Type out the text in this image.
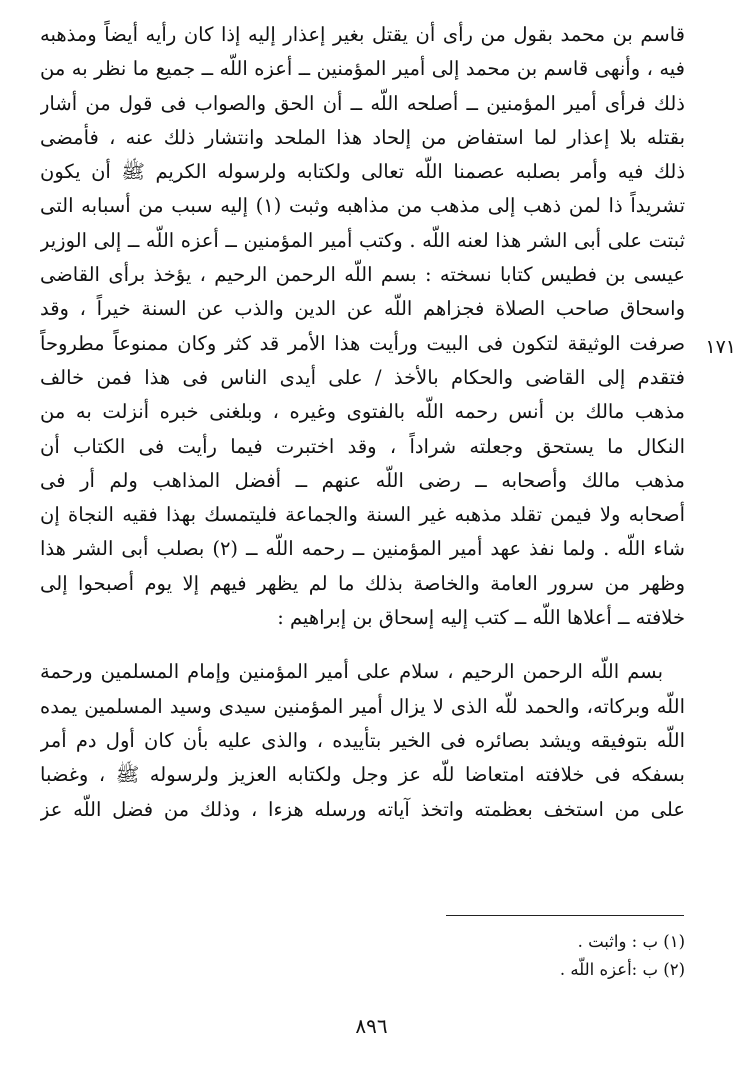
قاسم بن محمد بقول من رأى أن يقتل بغير إعذار إليه إذا كان رأيه أيضاً ومذهبه
فيه ، وأنهى قاسم بن محمد إلى أمير المؤمنين ــ أعزه اللّه ــ جميع ما نظر به من
ذلك فرأى أمير المؤمنين ــ أصلحه اللّه ــ أن الحق والصواب فى قول من أشار
بقتله بلا إعذار لما استفاض من إلحاد هذا الملحد وانتشار ذلك عنه ، فأمضى
ذلك فيه وأمر بصلبه عصمنا اللّه تعالى ولكتابه ولرسوله الكريم ﷺ أن يكون
تشريداً ذا لمن ذهب إلى مذهب من مذاهبه وثبت (١) إليه سبب من أسبابه التى
ثبتت على أبى الشر هذا لعنه اللّه . وكتب أمير المؤمنين ــ أعزه اللّه ــ إلى الوزير
عيسى بن فطيس كتابا نسخته : بسم اللّه الرحمن الرحيم ، يؤخذ برأى القاضى
واسحاق صاحب الصلاة فجزاهم اللّه عن الدين والذب عن السنة خيراً ، وقد
صرفت الوثيقة لتكون فى البيت ورأيت هذا الأمر قد كثر وكان ممنوعاً مطروحاً
فتقدم إلى القاضى والحكام بالأخذ / على أيدى الناس فى هذا فمن خالف
مذهب مالك بن أنس رحمه اللّه بالفتوى وغيره ، وبلغنى خبره أنزلت به من
النكال ما يستحق وجعلته شراداً ، وقد اختبرت فيما رأيت فى الكتاب أن
مذهب مالك وأصحابه ــ رضى اللّه عنهم ــ أفضل المذاهب ولم أر فى
أصحابه ولا فيمن تقلد مذهبه غير السنة والجماعة فليتمسك بهذا فقيه النجاة إن
شاء اللّه . ولما نفذ عهد أمير المؤمنين ــ رحمه اللّه ــ (٢) بصلب أبى الشر هذا
وظهر من سرور العامة والخاصة بذلك ما لم يظهر فيهم إلا يوم أصبحوا إلى
خلافته ــ أعلاها اللّه ــ كتب إليه إسحاق بن إبراهيم :

بسم اللّه الرحمن الرحيم ، سلام على أمير المؤمنين وإمام المسلمين ورحمة
اللّه وبركاته، والحمد للّه الذى لا يزال أمير المؤمنين سيدى وسيد المسلمين يمده
اللّه بتوفيقه ويشد بصائره فى الخير بتأييده ، والذى عليه بأن كان أول دم أمر
بسفكه فى خلافته امتعاضا للّه عز وجل ولكتابه العزيز ولرسوله ﷺ ، وغضبا
على من استخف بعظمته واتخذ آياته ورسله هزءا ، وذلك من فضل اللّه عز

١٧١
(١) ب : واثبت .
(٢) ب :أعزه اللّه .
٨٩٦
